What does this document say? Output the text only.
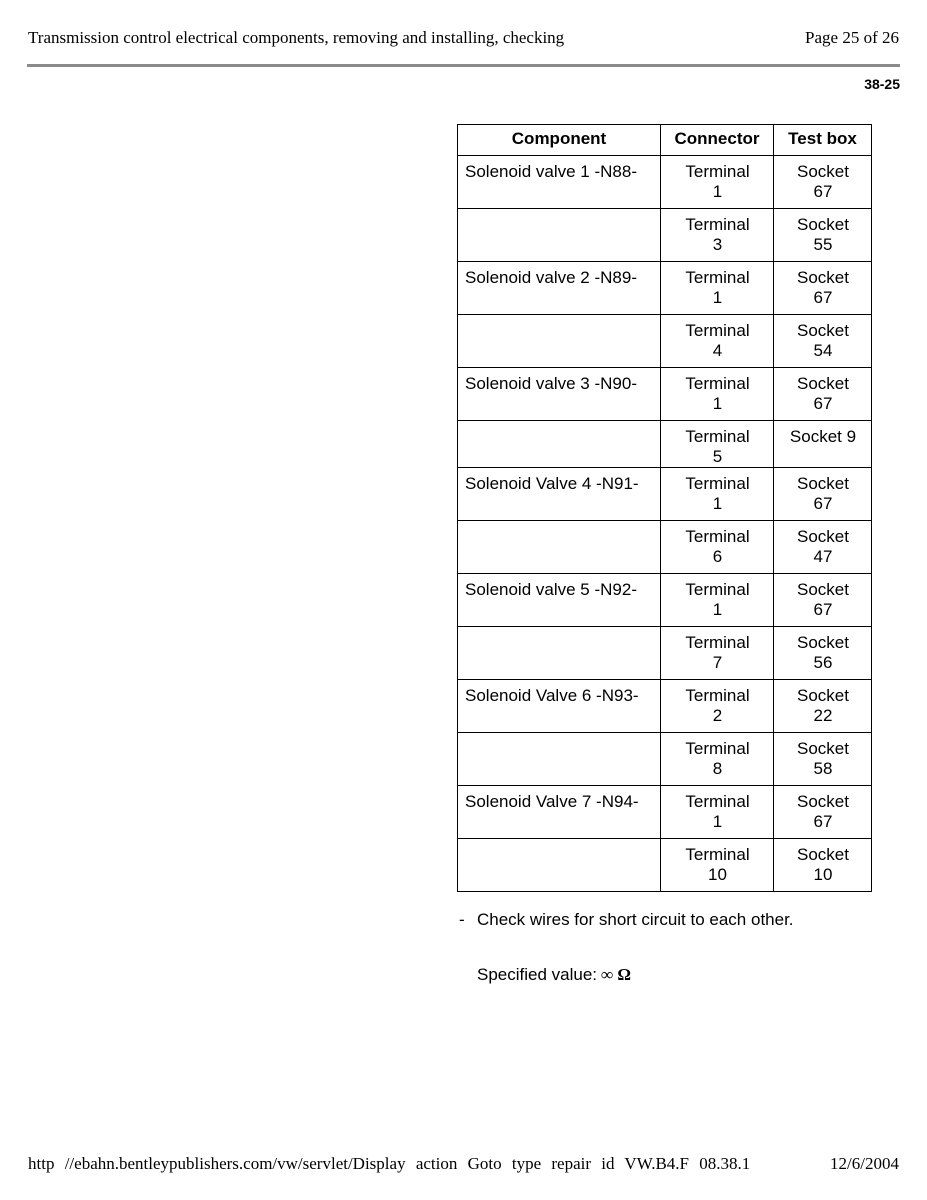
Transmission control electrical components, removing and installing, checking	Page 25 of 26
38-25
Component	Connector	Test box
Solenoid valve 1 -N88-	Terminal 1	Socket 67

	Terminal 3	Socket 55

Solenoid valve 2 -N89-	Terminal 1	Socket 67

	Terminal 4	Socket 54

Solenoid valve 3 -N90-	Terminal 1	Socket 67

	Terminal 5	Socket 9

Solenoid Valve 4 -N91-	Terminal 1	Socket 67

	Terminal 6	Socket 47

Solenoid valve 5 -N92-	Terminal 1	Socket 67

	Terminal 7	Socket 56

Solenoid Valve 6 -N93-	Terminal 2	Socket 22

	Terminal 8	Socket 58

Solenoid Valve 7 -N94-	Terminal 1	Socket 67

	Terminal 10	Socket 10
- Check wires for short circuit to each other.
Specified value: ∞ Ω
http //ebahn.bentleypublishers.com/vw/servlet/Display action Goto type repair id VW.B4.F 08.38.1	12/6/2004
